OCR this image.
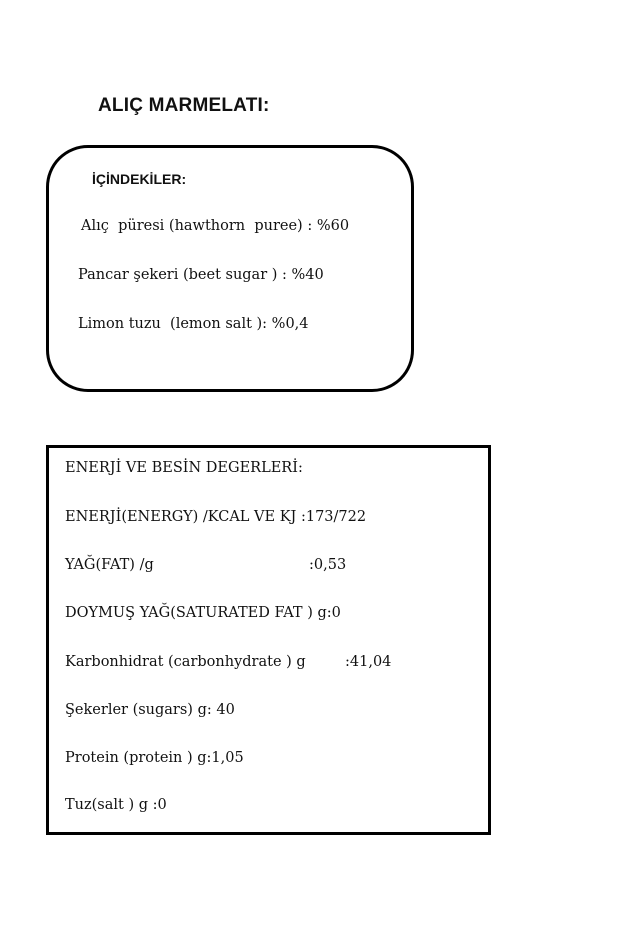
ALIÇ MARMELATI:
İÇİNDEKİLER:
Alıç  püresi (hawthorn  puree) : %60
Pancar şekeri (beet sugar ) : %40
Limon tuzu  (lemon salt ): %0,4
ENERJİ VE BESİN DEGERLERİ:
ENERJİ(ENERGY) /KCAL VE KJ :173/722
YAĞ(FAT) /g	:0,53
DOYMUŞ YAĞ(SATURATED FAT ) g:0
Karbonhidrat (carbonhydrate ) g	:41,04
Şekerler (sugars) g: 40
Protein (protein ) g:1,05
Tuz(salt ) g :0
